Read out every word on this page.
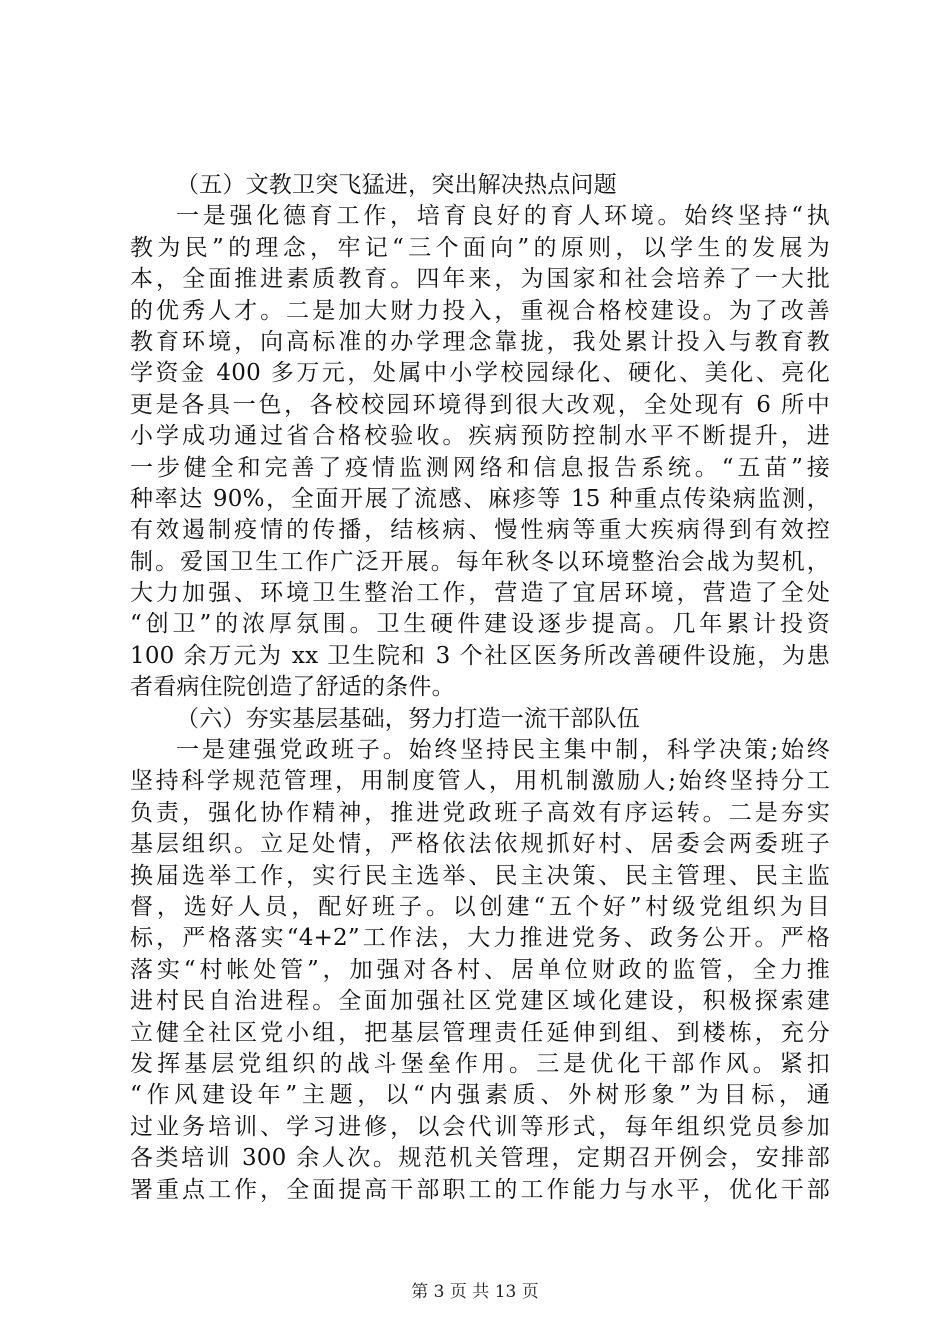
（五）文教卫突飞猛进，突出解决热点问题
一是强化德育工作，培育良好的育人环境。始终坚持“执
教为民”的理念，牢记“三个面向”的原则，以学生的发展为
本，全面推进素质教育。四年来，为国家和社会培养了一大批
的优秀人才。二是加大财力投入，重视合格校建设。为了改善
教育环境，向高标准的办学理念靠拢，我处累计投入与教育教
学资金 400 多万元，处属中小学校园绿化、硬化、美化、亮化
更是各具一色，各校校园环境得到很大改观，全处现有 6 所中
小学成功通过省合格校验收。疾病预防控制水平不断提升，进
一步健全和完善了疫情监测网络和信息报告系统。“五苗”接
种率达 90%，全面开展了流感、麻疹等 15 种重点传染病监测，
有效遏制疫情的传播，结核病、慢性病等重大疾病得到有效控
制。爱国卫生工作广泛开展。每年秋冬以环境整治会战为契机，
大力加强、环境卫生整治工作，营造了宜居环境，营造了全处
“创卫”的浓厚氛围。卫生硬件建设逐步提高。几年累计投资
100 余万元为 xx 卫生院和 3 个社区医务所改善硬件设施，为患
者看病住院创造了舒适的条件。
（六）夯实基层基础，努力打造一流干部队伍
一是建强党政班子。始终坚持民主集中制，科学决策;始终
坚持科学规范管理，用制度管人，用机制激励人;始终坚持分工
负责，强化协作精神，推进党政班子高效有序运转。二是夯实
基层组织。立足处情，严格依法依规抓好村、居委会两委班子
换届选举工作，实行民主选举、民主决策、民主管理、民主监
督，选好人员，配好班子。以创建“五个好”村级党组织为目
标，严格落实“4+2”工作法，大力推进党务、政务公开。严格
落实“村帐处管”，加强对各村、居单位财政的监管，全力推
进村民自治进程。全面加强社区党建区域化建设，积极探索建
立健全社区党小组，把基层管理责任延伸到组、到楼栋，充分
发挥基层党组织的战斗堡垒作用。三是优化干部作风。紧扣
“作风建设年”主题，以“内强素质、外树形象”为目标，通
过业务培训、学习进修，以会代训等形式，每年组织党员参加
各类培训 300 余人次。规范机关管理，定期召开例会，安排部
署重点工作，全面提高干部职工的工作能力与水平，优化干部
第 3 页 共 13 页
